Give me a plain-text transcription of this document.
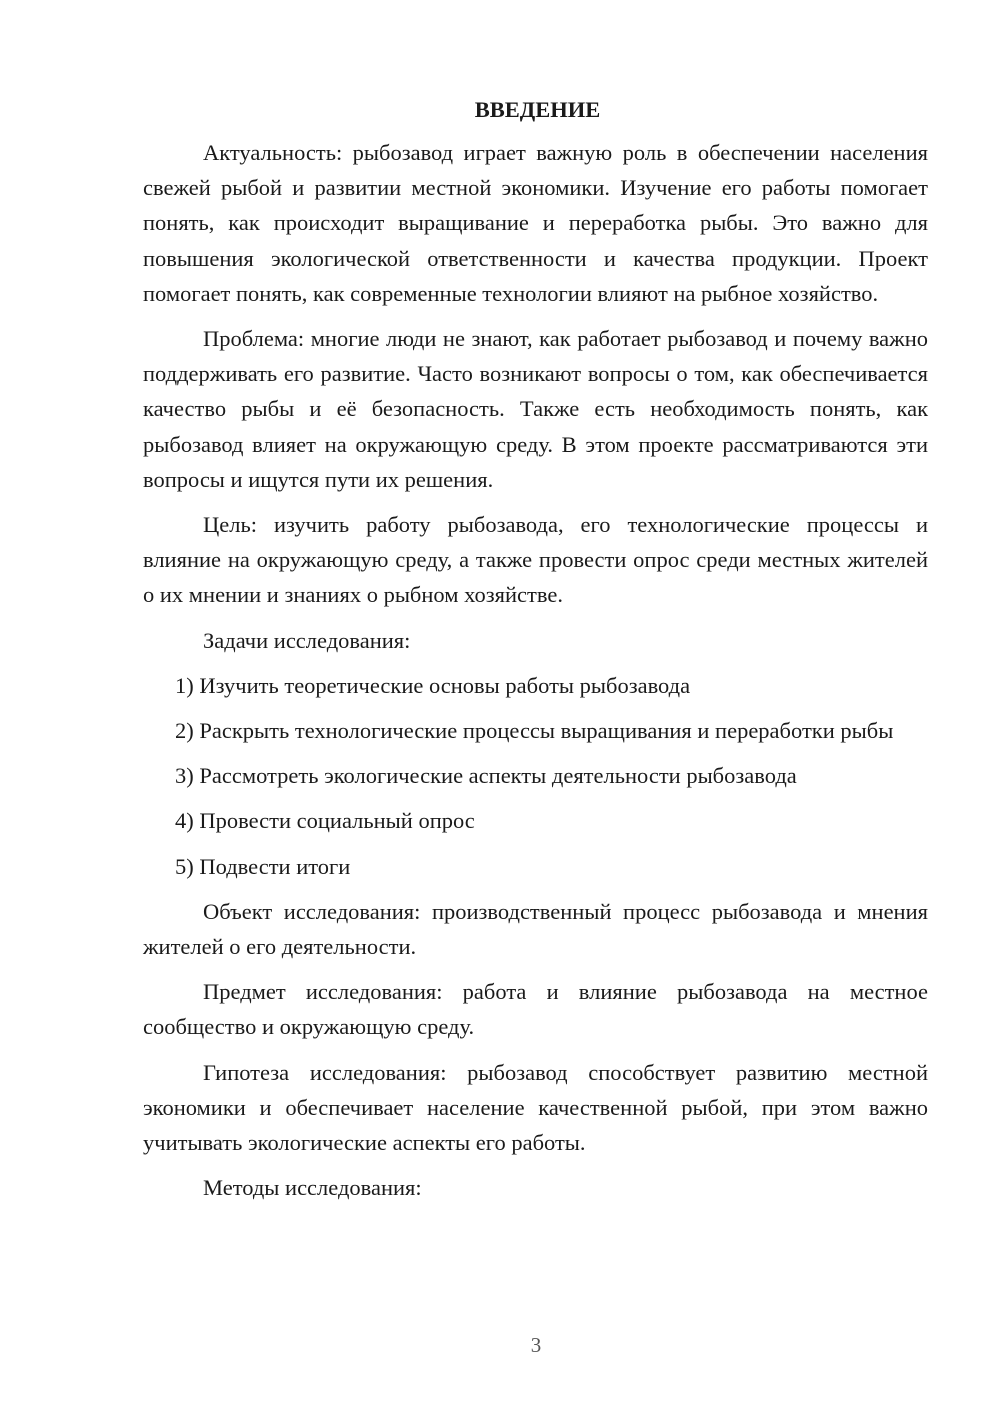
ВВЕДЕНИЕ

Актуальность: рыбозавод играет важную роль в обеспечении населения свежей рыбой и развитии местной экономики. Изучение его работы помогает понять, как происходит выращивание и переработка рыбы. Это важно для повышения экологической ответственности и качества продукции. Проект помогает понять, как современные технологии влияют на рыбное хозяйство.

Проблема: многие люди не знают, как работает рыбозавод и почему важно поддерживать его развитие. Часто возникают вопросы о том, как обеспечивается качество рыбы и её безопасность. Также есть необходимость понять, как рыбозавод влияет на окружающую среду. В этом проекте рассматриваются эти вопросы и ищутся пути их решения.

Цель: изучить работу рыбозавода, его технологические процессы и влияние на окружающую среду, а также провести опрос среди местных жителей о их мнении и знаниях о рыбном хозяйстве.

Задачи исследования:

1) Изучить теоретические основы работы рыбозавода

2) Раскрыть технологические процессы выращивания и переработки рыбы

3) Рассмотреть экологические аспекты деятельности рыбозавода

4) Провести социальный опрос

5) Подвести итоги

Объект исследования: производственный процесс рыбозавода и мнения жителей о его деятельности.

Предмет исследования: работа и влияние рыбозавода на местное сообщество и окружающую среду.

Гипотеза исследования: рыбозавод способствует развитию местной экономики и обеспечивает население качественной рыбой, при этом важно учитывать экологические аспекты его работы.

Методы исследования:

3
